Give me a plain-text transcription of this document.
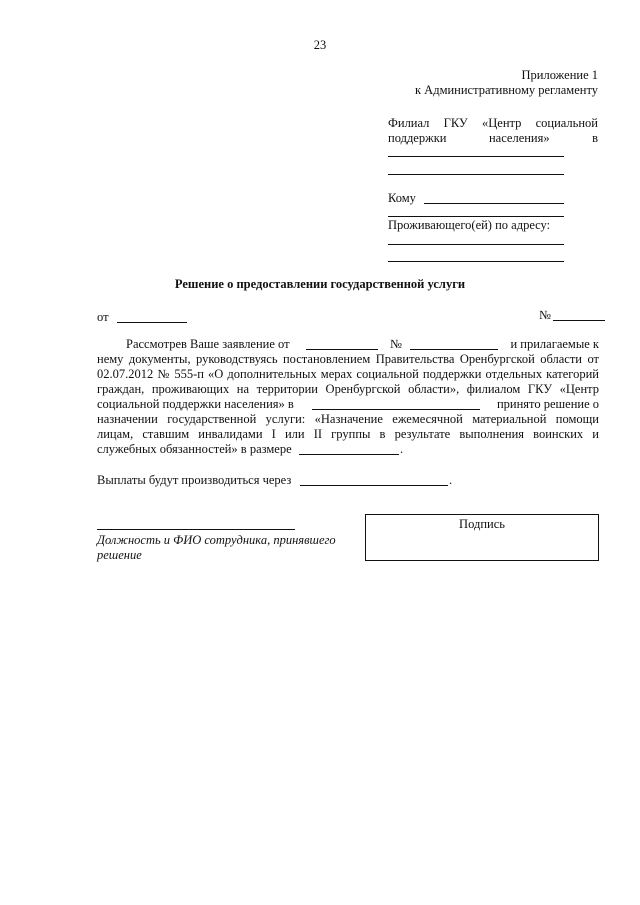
23
Приложение 1
к Административному регламенту
Филиал ГКУ «Центр социальной
поддержки населения» в
Кому
Проживающего(ей) по адресу:
Решение о предоставлении государственной услуги
от	№
Рассмотрев Ваше заявление от	№	и прилагаемые к
нему документы, руководствуясь постановлением Правительства Оренбургской области от
02.07.2012 № 555-п «О дополнительных мерах социальной поддержки отдельных категорий
граждан, проживающих на территории Оренбургской области», филиалом ГКУ «Центр
социальной поддержки населения» в	принято решение о
назначении государственной услуги: «Назначение ежемесячной материальной помощи
лицам, ставшим инвалидами I или II группы в результате выполнения воинских и
служебных обязанностей» в размере	.
Выплаты будут производиться через	.
Должность и ФИО сотрудника, принявшего
решение
Подпись
